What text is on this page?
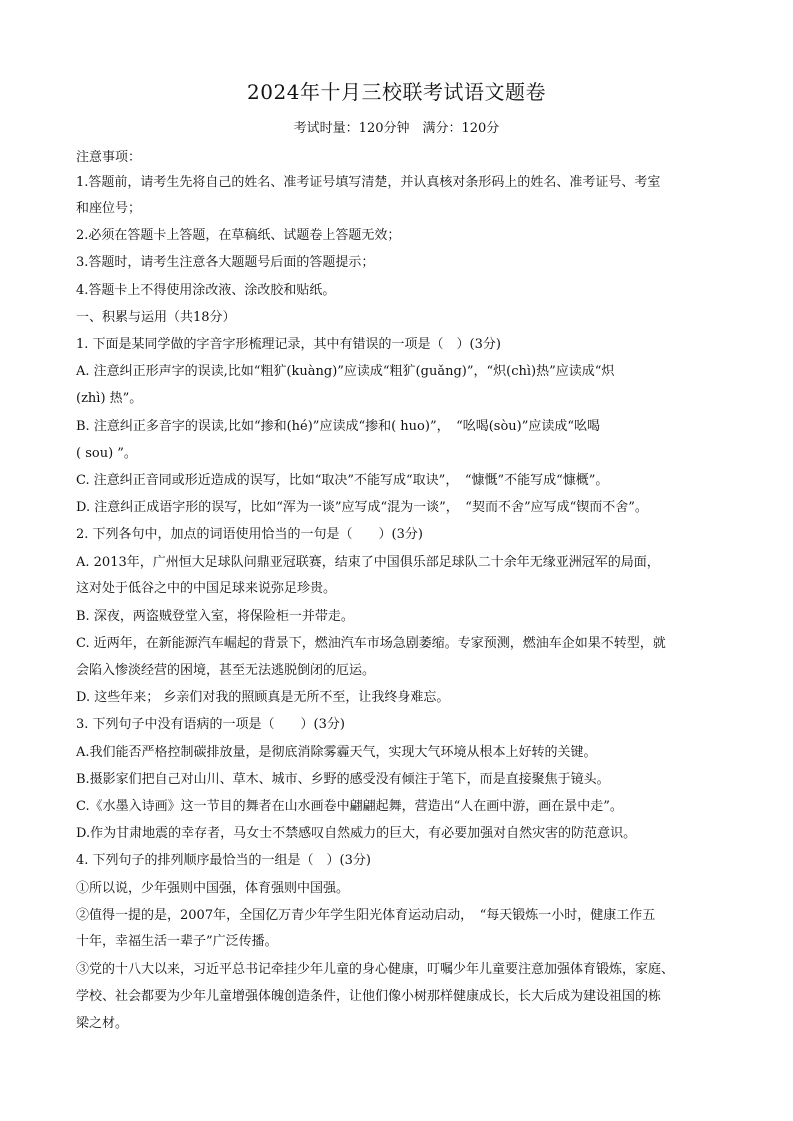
2024年十月三校联考试语文题卷
考试时量：120分钟　满分：120分
注意事项：
1.答题前，请考生先将自己的姓名、准考证号填写清楚，并认真核对条形码上的姓名、准考证号、考室
和座位号；
2.必须在答题卡上答题，在草稿纸、试题卷上答题无效；
3.答题时，请考生注意各大题题号后面的答题提示；
4.答题卡上不得使用涂改液、涂改胶和贴纸。
一、积累与运用（共18分）
1. 下面是某同学做的字音字形梳理记录，其中有错误的一项是（　）(3分)
A. 注意纠正形声字的误读,比如“粗犷(kuàng)”应读成“粗犷(guǎng)”，“炽(chì)热”应读成“炽
(zhì) 热”。
B. 注意纠正多音字的误读,比如“掺和(hé)”应读成“掺和( huo)”，　“吆喝(sòu)”应读成“吆喝
( sou) ”。
C. 注意纠正音同或形近造成的误写，比如“取决”不能写成“取诀”，　“慷慨”不能写成“慷概”。
D. 注意纠正成语字形的误写，比如“浑为一谈”应写成“混为一谈”，　“契而不舍”应写成“锲而不舍”。
2. 下列各句中，加点的词语使用恰当的一句是（　　）(3分)
A. 2013年，广州恒大足球队问鼎亚冠联赛，结束了中国俱乐部足球队二十余年无缘亚洲冠军的局面，
这对处于低谷之中的中国足球来说弥足珍贵。
B. 深夜，两盗贼登堂入室，将保险柜一并带走。
C. 近两年，在新能源汽车崛起的背景下，燃油汽车市场急剧萎缩。专家预测，燃油车企如果不转型，就
会陷入惨淡经营的困境，甚至无法逃脱倒闭的厄运。
D. 这些年来； 乡亲们对我的照顾真是无所不至，让我终身难忘。
3. 下列句子中没有语病的一项是（　　）(3分)
A.我们能否严格控制碳排放量，是彻底消除雾霾天气，实现大气环境从根本上好转的关键。
B.摄影家们把自己对山川、草木、城市、乡野的感受没有倾注于笔下，而是直接聚焦于镜头。
C.《水墨入诗画》这一节目的舞者在山水画卷中翩翩起舞，营造出“人在画中游，画在景中走”。
D.作为甘肃地震的幸存者，马女士不禁感叹自然威力的巨大，有必要加强对自然灾害的防范意识。
4. 下列句子的排列顺序最恰当的一组是（　）(3分)
①所以说，少年强则中国强，体育强则中国强。
②值得一提的是，2007年，全国亿万青少年学生阳光体育运动启动，　“每天锻炼一小时，健康工作五
十年，幸福生活一辈子”广泛传播。
③党的十八大以来，习近平总书记牵挂少年儿童的身心健康，叮嘱少年儿童要注意加强体育锻炼，家庭、
学校、社会都要为少年儿童增强体魄创造条件，让他们像小树那样健康成长，长大后成为建设祖国的栋
梁之材。
